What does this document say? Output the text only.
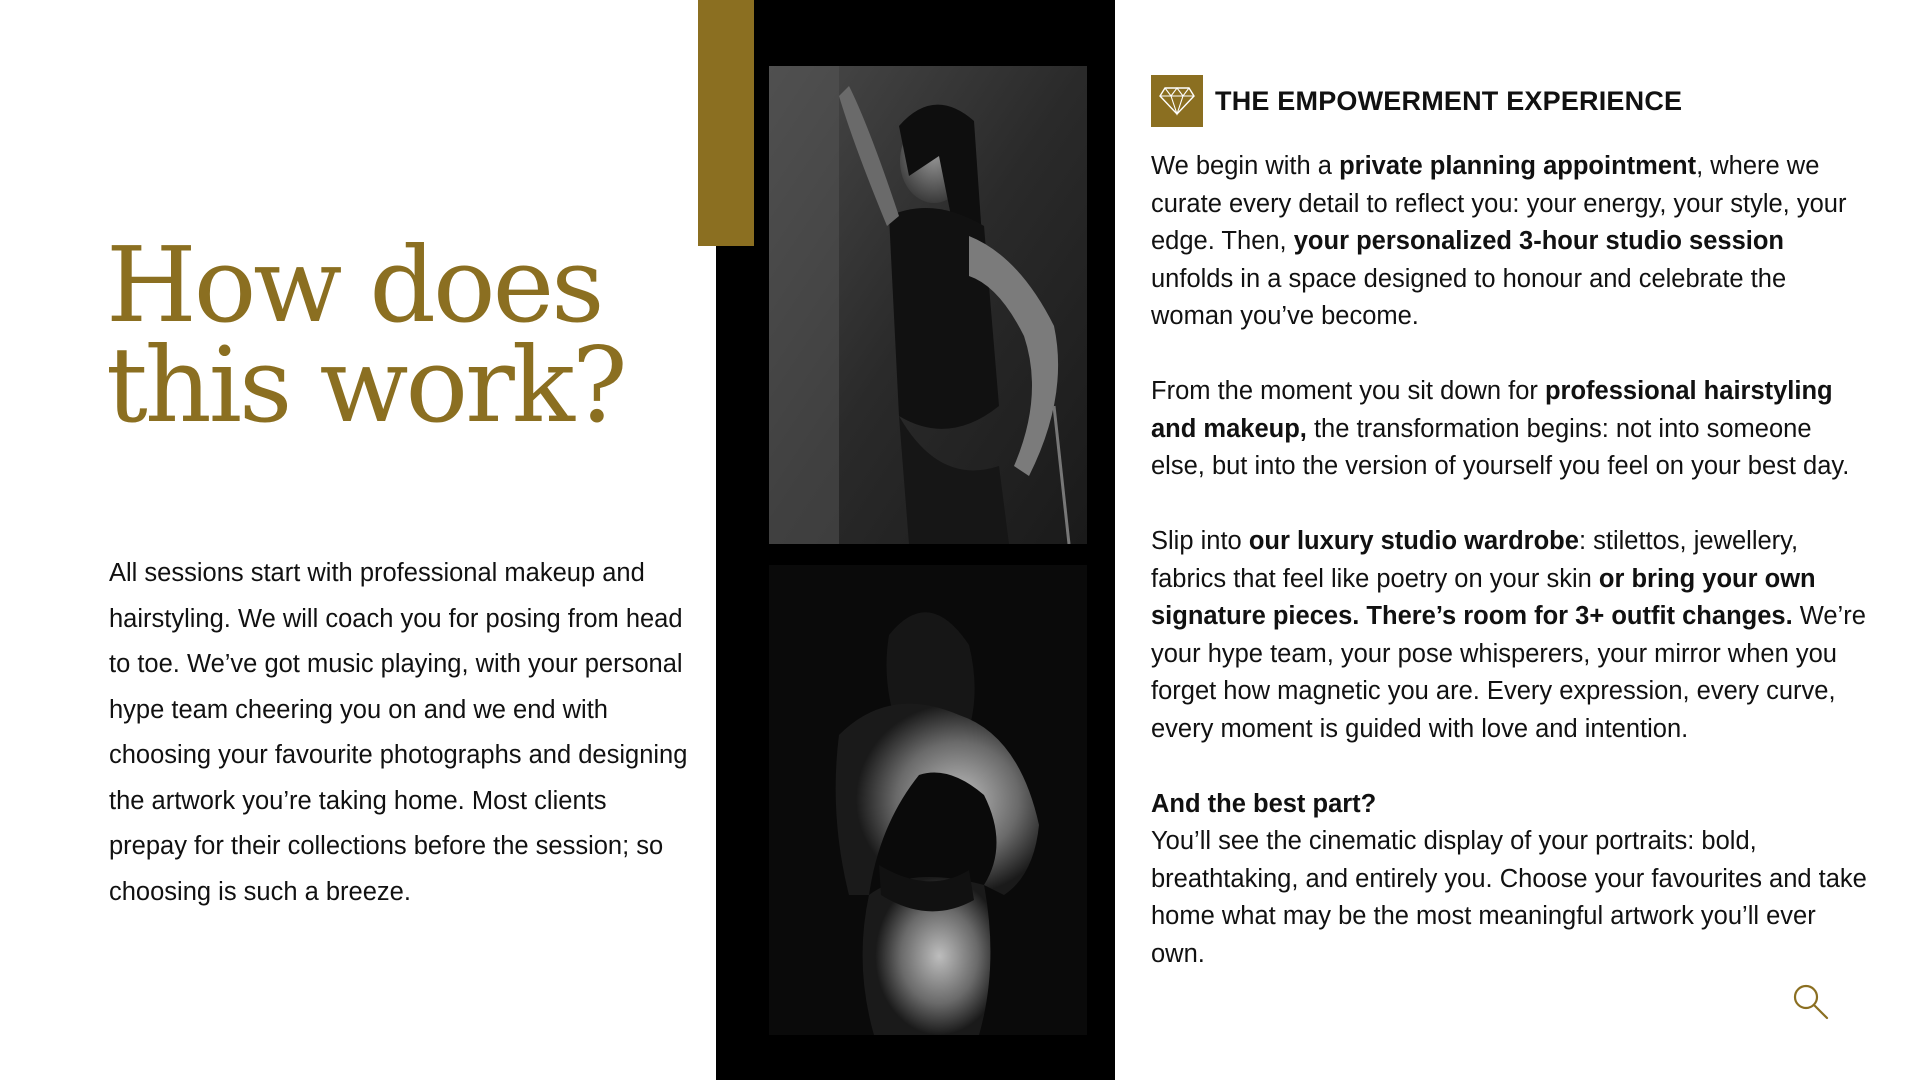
How does
this work?
All sessions start with professional makeup and hairstyling. We will coach you for posing from head to toe. We’ve got music playing, with your personal hype team cheering you on and we end with choosing your favourite photographs and designing the artwork you’re taking home. Most clients prepay for their collections before the session; so choosing is such a breeze.
THE EMPOWERMENT EXPERIENCE

We begin with a private planning appointment, where we curate every detail to reflect you: your energy, your style, your edge. Then, your personalized 3-hour studio session unfolds in a space designed to honour and celebrate the woman you’ve become.

From the moment you sit down for professional hairstyling and makeup, the transformation begins: not into someone else, but into the version of yourself you feel on your best day.

Slip into our luxury studio wardrobe: stilettos, jewellery, fabrics that feel like poetry on your skin or bring your own signature pieces. There’s room for 3+ outfit changes. We’re your hype team, your pose whisperers, your mirror when you forget how magnetic you are. Every expression, every curve, every moment is guided with love and intention.

And the best part?
You’ll see the cinematic display of your portraits: bold, breathtaking, and entirely you. Choose your favourites and take home what may be the most meaningful artwork you’ll ever own.
